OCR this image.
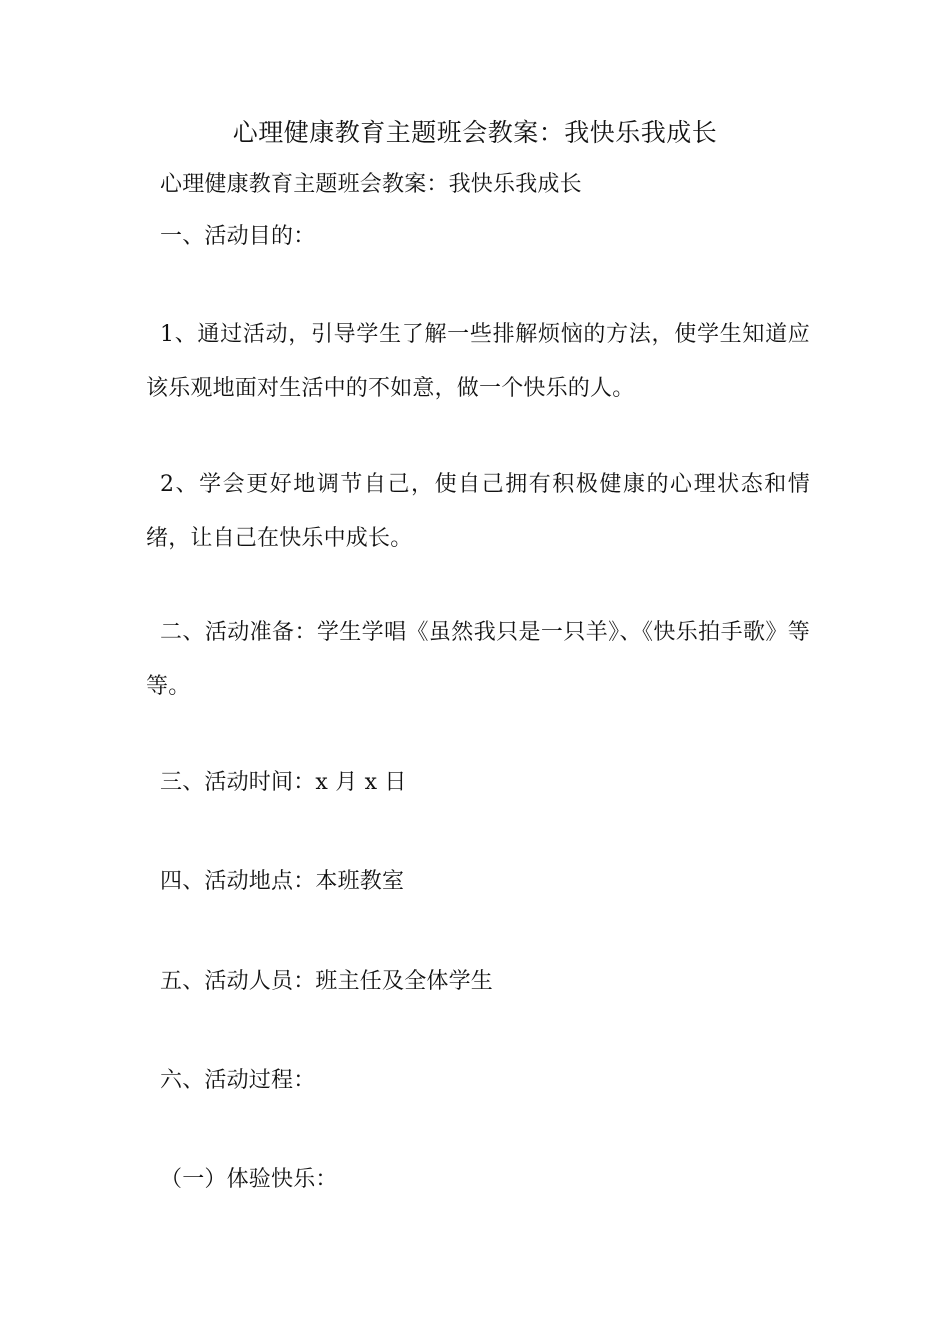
心理健康教育主题班会教案：我快乐我成长
心理健康教育主题班会教案：我快乐我成长
一、活动目的：
1、通过活动，引导学生了解一些排解烦恼的方法，使学生知道应该乐观地面对生活中的不如意，做一个快乐的人。
2、学会更好地调节自己，使自己拥有积极健康的心理状态和情绪，让自己在快乐中成长。
二、活动准备：学生学唱《虽然我只是一只羊》、《快乐拍手歌》等等。
三、活动时间：x 月 x 日
四、活动地点：本班教室
五、活动人员：班主任及全体学生
六、活动过程：
（一）体验快乐：
